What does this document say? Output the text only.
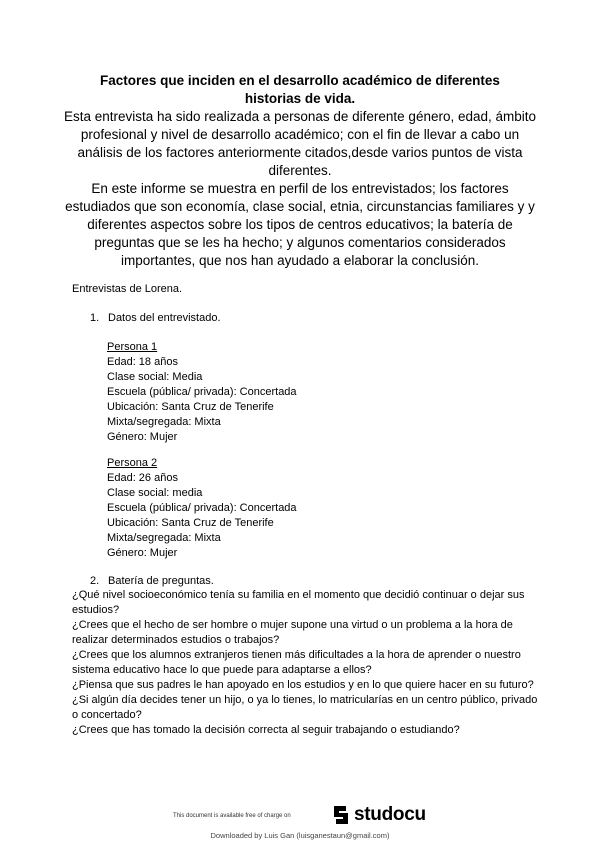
Factores que inciden en el desarrollo académico de diferentes
historias de vida.

Esta entrevista ha sido realizada a personas de diferente género, edad, ámbito profesional y nivel de desarrollo académico; con el fin de llevar a cabo un análisis de los factores anteriormente citados,desde varios puntos de vista diferentes.

En este informe se muestra en perfil de los entrevistados; los factores estudiados que son economía, clase social, etnia, circunstancias familiares y y diferentes aspectos sobre los tipos de centros educativos; la batería de preguntas que se les ha hecho; y algunos comentarios considerados importantes, que nos han ayudado a elaborar la conclusión.

Entrevistas de Lorena.
1. Datos del entrevistado.
Persona 1
Edad: 18 años
Clase social: Media
Escuela (pública/ privada): Concertada
Ubicación: Santa Cruz de Tenerife
Mixta/segregada: Mixta
Género: Mujer
Persona 2
Edad: 26 años
Clase social: media
Escuela (pública/ privada): Concertada
Ubicación: Santa Cruz de Tenerife
Mixta/segregada: Mixta
Género: Mujer
2. Batería de preguntas.
¿Qué nivel socioeconómico tenía su familia en el momento que decidió continuar o dejar sus estudios?
¿Crees que el hecho de ser hombre o mujer supone una virtud o un problema a la hora de realizar determinados estudios o trabajos?
¿Crees que los alumnos extranjeros tienen más dificultades a la hora de aprender o nuestro sistema educativo hace lo que puede para adaptarse a ellos?
¿Piensa que sus padres le han apoyado en los estudios y en lo que quiere hacer en su futuro?
¿Si algún día decides tener un hijo, o ya lo tienes, lo matricularías en un centro público, privado o concertado?
¿Crees que has tomado la decisión correcta al seguir trabajando o estudiando?
This document is available free of charge on	studocu
Downloaded by Luis Gan (luisganestaun@gmail.com)
